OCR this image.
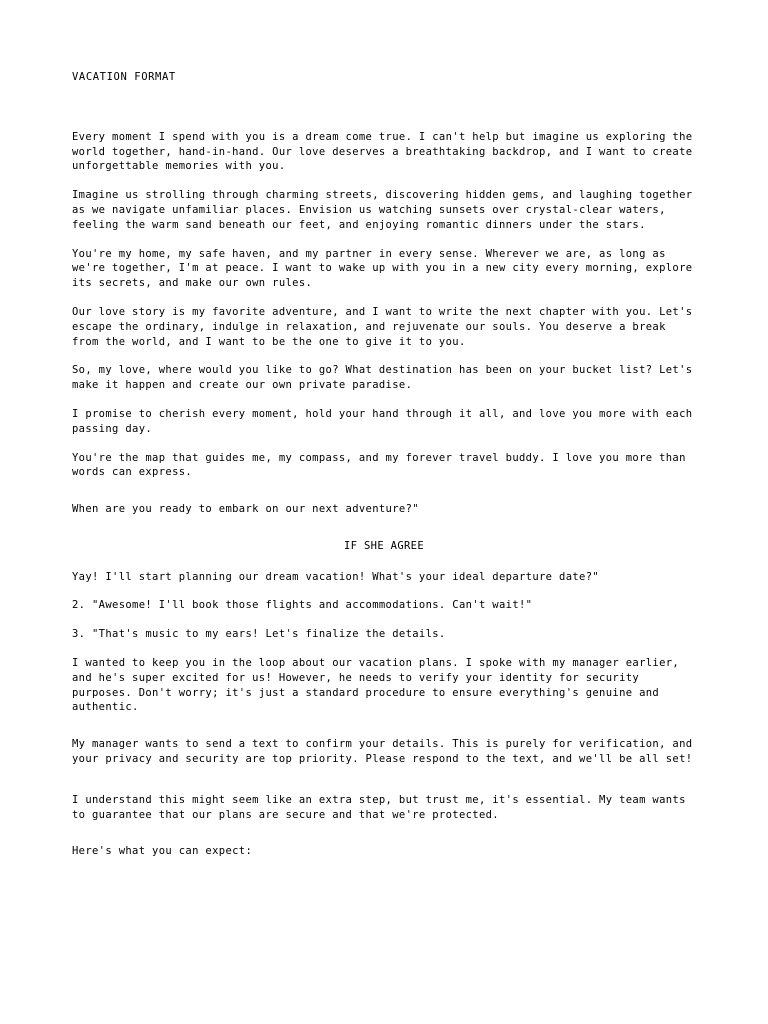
VACATION FORMAT

Every moment I spend with you is a dream come true. I can't help but imagine us exploring the world together, hand-in-hand. Our love deserves a breathtaking backdrop, and I want to create unforgettable memories with you.

Imagine us strolling through charming streets, discovering hidden gems, and laughing together as we navigate unfamiliar places. Envision us watching sunsets over crystal-clear waters, feeling the warm sand beneath our feet, and enjoying romantic dinners under the stars.

You're my home, my safe haven, and my partner in every sense. Wherever we are, as long as we're together, I'm at peace. I want to wake up with you in a new city every morning, explore its secrets, and make our own rules.

Our love story is my favorite adventure, and I want to write the next chapter with you. Let's escape the ordinary, indulge in relaxation, and rejuvenate our souls. You deserve a break from the world, and I want to be the one to give it to you.

So, my love, where would you like to go? What destination has been on your bucket list? Let's make it happen and create our own private paradise.

I promise to cherish every moment, hold your hand through it all, and love you more with each passing day.

You're the map that guides me, my compass, and my forever travel buddy. I love you more than words can express.

When are you ready to embark on our next adventure?"

IF SHE AGREE

Yay! I'll start planning our dream vacation! What's your ideal departure date?"

2. "Awesome! I'll book those flights and accommodations. Can't wait!"

3. "That's music to my ears! Let's finalize the details.

I wanted to keep you in the loop about our vacation plans. I spoke with my manager earlier, and he's super excited for us! However, he needs to verify your identity for security purposes. Don't worry; it's just a standard procedure to ensure everything's genuine and authentic.

My manager wants to send a text to confirm your details. This is purely for verification, and your privacy and security are top priority. Please respond to the text, and we'll be all set!

I understand this might seem like an extra step, but trust me, it's essential. My team wants to guarantee that our plans are secure and that we're protected.

Here's what you can expect:
